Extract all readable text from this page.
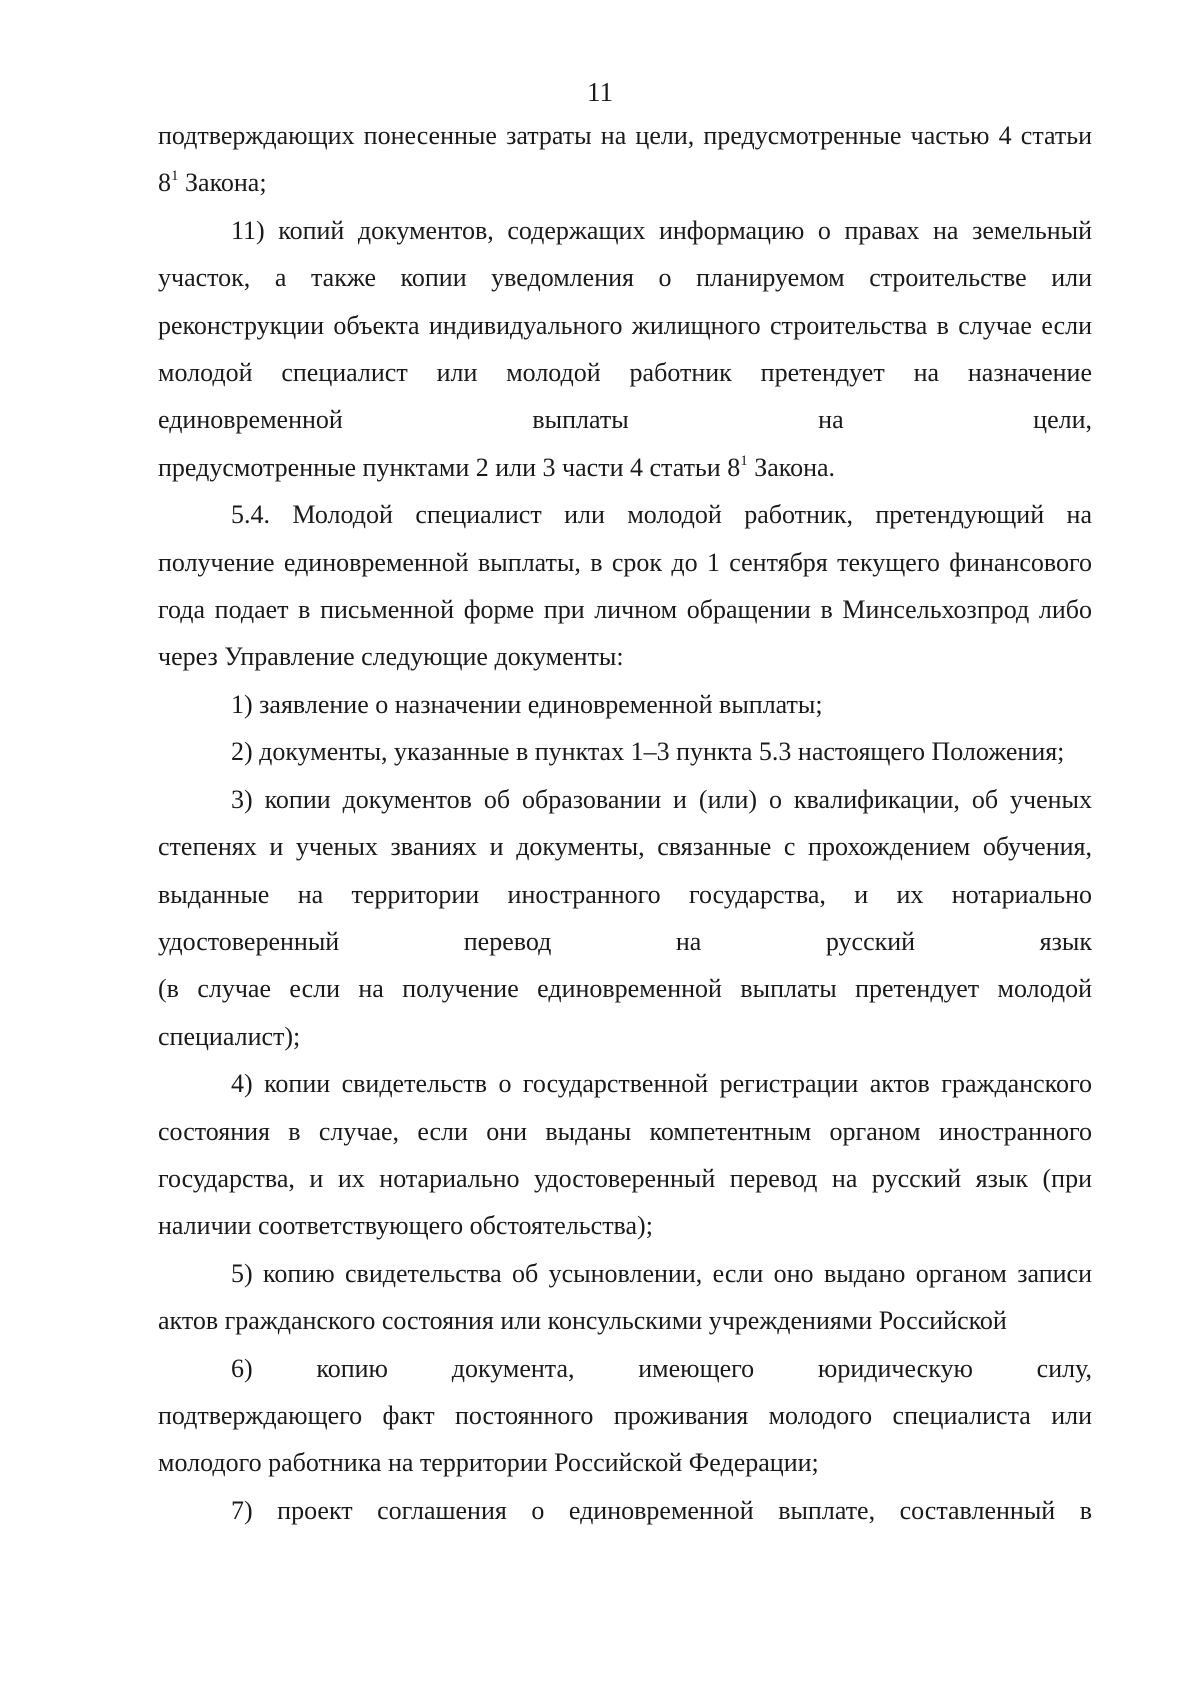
11

подтверждающих понесенные затраты на цели, предусмотренные частью 4 статьи $8^1$ Закона;

11) копий документов, содержащих информацию о правах на земельный участок, а также копии уведомления о планируемом строительстве или реконструкции объекта индивидуального жилищного строительства в случае если молодой специалист или молодой работник претендует на назначение единовременной выплаты на цели,
предусмотренные пунктами 2 или 3 части 4 статьи $8^1$ Закона.

5.4. Молодой специалист или молодой работник, претендующий на получение единовременной выплаты, в срок до 1 сентября текущего финансового года подает в письменной форме при личном обращении в Минсельхозпрод либо через Управление следующие документы:

1) заявление о назначении единовременной выплаты;

2) документы, указанные в пунктах 1–3 пункта 5.3 настоящего Положения;

3) копии документов об образовании и (или) о квалификации, об ученых степенях и ученых званиях и документы, связанные с прохождением обучения, выданные на территории иностранного государства, и их нотариально удостоверенный перевод на русский язык
(в случае если на получение единовременной выплаты претендует молодой специалист);

4) копии свидетельств о государственной регистрации актов гражданского состояния в случае, если они выданы компетентным органом иностранного государства, и их нотариально удостоверенный перевод на русский язык (при наличии соответствующего обстоятельства);

5) копию свидетельства об усыновлении, если оно выдано органом записи актов гражданского состояния или консульскими учреждениями Российской

6) копию документа, имеющего юридическую силу,
подтверждающего факт постоянного проживания молодого специалиста или молодого работника на территории Российской Федерации;

7) проект соглашения о единовременной выплате, составленный в
